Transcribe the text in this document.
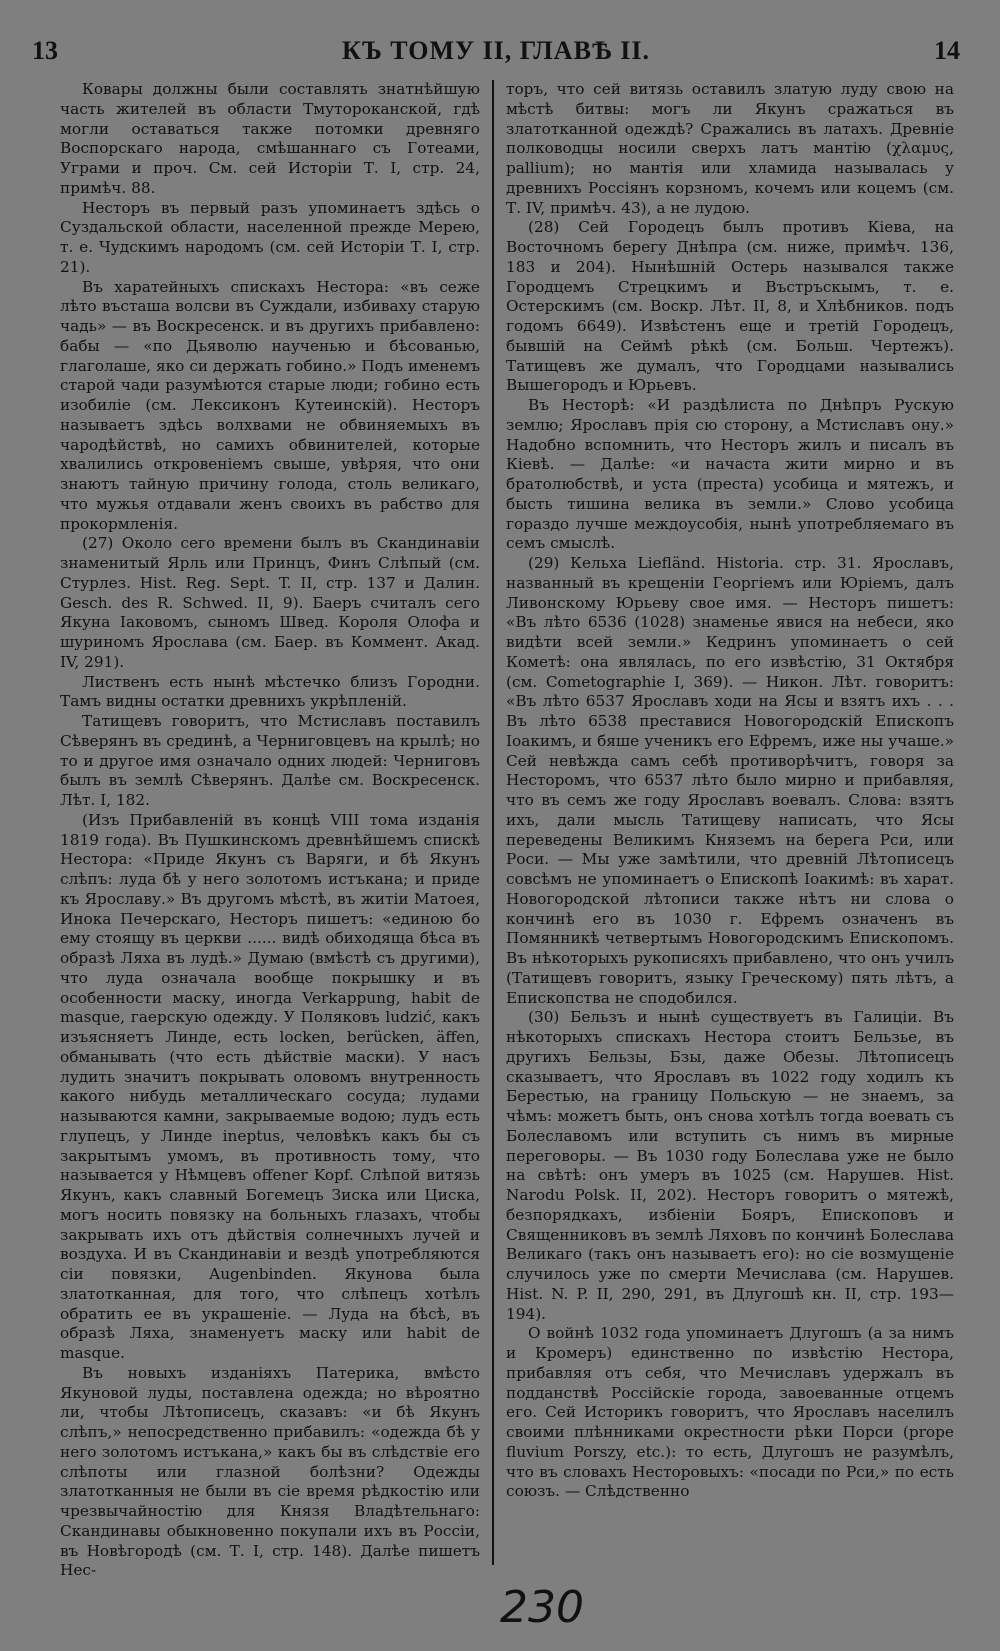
13	КЪ ТОМУ II, ГЛАВѢ II.	14

Ковары должны были составлять знатнѣйшую часть жителей въ области Тмутороканской, гдѣ могли оставаться также потомки древняго Воспорскаго народа, смѣшаннаго съ Готеами, Уграми и проч. См. сей Исторіи Т. I, стр. 24, примѣч. 88.

Несторъ въ первый разъ упоминаетъ здѣсь о Суздальской области, населенной прежде Мерею, т. е. Чудскимъ народомъ (см. сей Исторіи Т. I, стр. 21).

Въ харатейныхъ спискахъ Нестора: «въ сеже лѣто въсташа волсви въ Суждали, избиваху старую чадь» — въ Воскресенск. и въ другихъ прибавлено: бабы — «по Дьяволю наученью и бѣсованью, глаголаше, яко си держать гобино.» Подъ именемъ старой чади разумѣются старые люди; гобино есть изобиліе (см. Лексиконъ Кутеинскій). Несторъ называетъ здѣсь волхвами не обвиняемыхъ въ чародѣйствѣ, но самихъ обвинителей, которые хвалились откровеніемъ свыше, увѣряя, что они знаютъ тайную причину голода, столь великаго, что мужья отдавали женъ своихъ въ рабство для прокормленія.

(27) Около сего времени былъ въ Скандинавіи знаменитый Ярль или Принцъ, Финъ Слѣпый (см. Стурлез. Hist. Reg. Sept. T. II, стр. 137 и Далин. Gesch. des R. Schwed. II, 9). Баеръ считалъ сего Якуна Іаковомъ, сыномъ Швед. Короля Олофа и шуриномъ Ярослава (см. Баер. въ Коммент. Акад. IV, 291).

Лиственъ есть нынѣ мѣстечко близъ Городни. Тамъ видны остатки древнихъ укрѣпленій.

Татищевъ говоритъ, что Мстиславъ поставилъ Сѣверянъ въ срединѣ, а Черниговцевъ на крылѣ; но то и другое имя означало одних людей: Черниговъ былъ въ землѣ Сѣверянъ. Далѣе см. Воскресенск. Лѣт. I, 182.

(Изъ Прибавленій въ концѣ VIII тома изданія 1819 года). Въ Пушкинскомъ древнѣйшемъ спискѣ Нестора: «Приде Якунъ съ Варяги, и бѣ Якунъ слѣпъ: луда бѣ у него золотомъ истъкана; и приде къ Ярославу.» Въ другомъ мѣстѣ, въ житіи Матоея, Инока Печерскаго, Несторъ пишетъ: «единою бо ему стоящу въ церкви ...... видѣ обиходяща бѣса въ образѣ Ляха въ лудѣ.» Думаю (вмѣстѣ съ другими), что луда означала вообще покрышку и въ особенности маску, иногда Verkappung, habit de masque, гаерскую одежду. У Поляковъ ludzić, какъ изъясняетъ Линде, есть locken, berücken, äffen, обманывать (что есть дѣйствіе маски). У насъ лудить значитъ покрывать оловомъ внутренность какого нибудь металлическаго сосуда; лудами называются камни, закрываемые водою; лудъ есть глупецъ, у Линде ineptus, человѣкъ какъ бы съ закрытымъ умомъ, въ противность тому, что называется у Нѣмцевъ offener Kopf. Слѣпой витязь Якунъ, какъ славный Богемецъ Зиска или Циска, могъ носить повязку на больныхъ глазахъ, чтобы закрывать ихъ отъ дѣйствія солнечныхъ лучей и воздуха. И въ Скандинавіи и вездѣ употребляются сіи повязки, Augenbinden. Якунова была златотканная, для того, что слѣпецъ хотѣлъ обратить ее въ украшеніе. — Луда на бѣсѣ, въ образѣ Ляха, знаменуетъ маску или habit de masque.

Въ новыхъ изданіяхъ Патерика, вмѣсто Якуновой луды, поставлена одежда; но вѣроятно ли, чтобы Лѣтописецъ, сказавъ: «и бѣ Якунъ слѣпъ,» непосредственно прибавилъ: «одежда бѣ у него золотомъ истъкана,» какъ бы въ слѣдствіе его слѣпоты или глазной болѣзни? Одежды златотканныя не были въ сіе время рѣдкостію или чрезвычайностію для Князя Владѣтельнаго: Скандинавы обыкновенно покупали ихъ въ Россіи, въ Новѣгородѣ (см. Т. I, стр. 148). Далѣе пишетъ Нес-

торъ, что сей витязь оставилъ златую луду свою на мѣстѣ битвы: могъ ли Якунъ сражаться въ златотканной одеждѣ? Сражались въ латахъ. Древніе полководцы носили сверхъ латъ мантію (χλαμυς, pallium); но мантія или хламида называлась у древнихъ Россіянъ корзномъ, кочемъ или коцемъ (см. Т. IV, примѣч. 43), а не лудою.

(28) Сей Городецъ былъ противъ Кіева, на Восточномъ берегу Днѣпра (см. ниже, примѣч. 136, 183 и 204). Нынѣшній Остерь назывался также Городцемъ Стрецкимъ и Въстръскымъ, т. е. Остерскимъ (см. Воскр. Лѣт. II, 8, и Хлѣбников. подъ годомъ 6649). Извѣстенъ еще и третій Городецъ, бывшій на Сеймѣ рѣкѣ (см. Больш. Чертежъ). Татищевъ же думалъ, что Городцами назывались Вышегородъ и Юрьевъ.

Въ Несторѣ: «И раздѣлиста по Днѣпръ Рускую землю; Ярославъ прія сю сторону, а Мстиславъ ону.» Надобно вспомнить, что Несторъ жилъ и писалъ въ Кіевѣ. — Далѣе: «и начаста жити мирно и въ братолюбствѣ, и уста (преста) усобица и мятежъ, и бысть тишина велика въ земли.» Слово усобица гораздо лучше междоусобія, нынѣ употребляемаго въ семъ смыслѣ.

(29) Кельха Liefländ. Historia. стр. 31. Ярославъ, названный въ крещеніи Георгіемъ или Юріемъ, далъ Ливонскому Юрьеву свое имя. — Несторъ пишетъ: «Въ лѣто 6536 (1028) знаменье явися на небеси, яко видѣти всей земли.» Кедринъ упоминаетъ о сей Кометѣ: она являлась, по его извѣстію, 31 Октября (см. Cometographie I, 369). — Никон. Лѣт. говоритъ: «Въ лѣто 6537 Ярославъ ходи на Ясы и взятъ ихъ . . . Въ лѣто 6538 преставися Новогородскій Епископъ Іоакимъ, и бяше ученикъ его Ефремъ, иже ны учаше.» Сей невѣжда самъ себѣ противорѣчитъ, говоря за Несторомъ, что 6537 лѣто было мирно и прибавляя, что въ семъ же году Ярославъ воевалъ. Слова: взятъ ихъ, дали мысль Татищеву написать, что Ясы переведены Великимъ Княземъ на берега Рси, или Роси. — Мы уже замѣтили, что древній Лѣтописецъ совсѣмъ не упоминаетъ о Епископѣ Іоакимѣ: въ харат. Новогородской лѣтописи также нѣтъ ни слова о кончинѣ его въ 1030 г. Ефремъ означенъ въ Помянникѣ четвертымъ Новогородскимъ Епископомъ. Въ нѣкоторыхъ рукописяхъ прибавлено, что онъ училъ (Татищевъ говоритъ, языку Греческому) пять лѣтъ, а Епископства не сподобился.

(30) Бельзъ и нынѣ существуетъ въ Галиціи. Въ нѣкоторыхъ спискахъ Нестора стоитъ Бельзье, въ другихъ Бельзы, Бзы, даже Обезы. Лѣтописецъ сказываетъ, что Ярославъ въ 1022 году ходилъ къ Берестью, на границу Польскую — не знаемъ, за чѣмъ: можетъ быть, онъ снова хотѣлъ тогда воевать съ Болеславомъ или вступить съ нимъ въ мирные переговоры. — Въ 1030 году Болеслава уже не было на свѣтѣ: онъ умеръ въ 1025 (см. Нарушев. Hist. Narodu Polsk. II, 202). Несторъ говоритъ о мятежѣ, безпорядкахъ, избіеніи Бояръ, Епископовъ и Священниковъ въ землѣ Ляховъ по кончинѣ Болеслава Великаго (такъ онъ называетъ его): но сіе возмущеніе случилось уже по смерти Мечислава (см. Нарушев. Hist. N. P. II, 290, 291, въ Длугошѣ кн. II, стр. 193—194).

О войнѣ 1032 года упоминаетъ Длугошъ (а за нимъ и Кромеръ) единственно по извѣстію Нестора, прибавляя отъ себя, что Мечиславъ удержалъ въ подданствѣ Россійскіе города, завоеванные отцемъ его. Сей Историкъ говоритъ, что Ярославъ населилъ своими плѣнниками окрестности рѣки Порси (prope fluvium Porszy, etc.): то есть, Длугошъ не разумѣлъ, что въ словахъ Несторовыхъ: «посади по Рси,» по есть союзъ. — Слѣдственно

230
